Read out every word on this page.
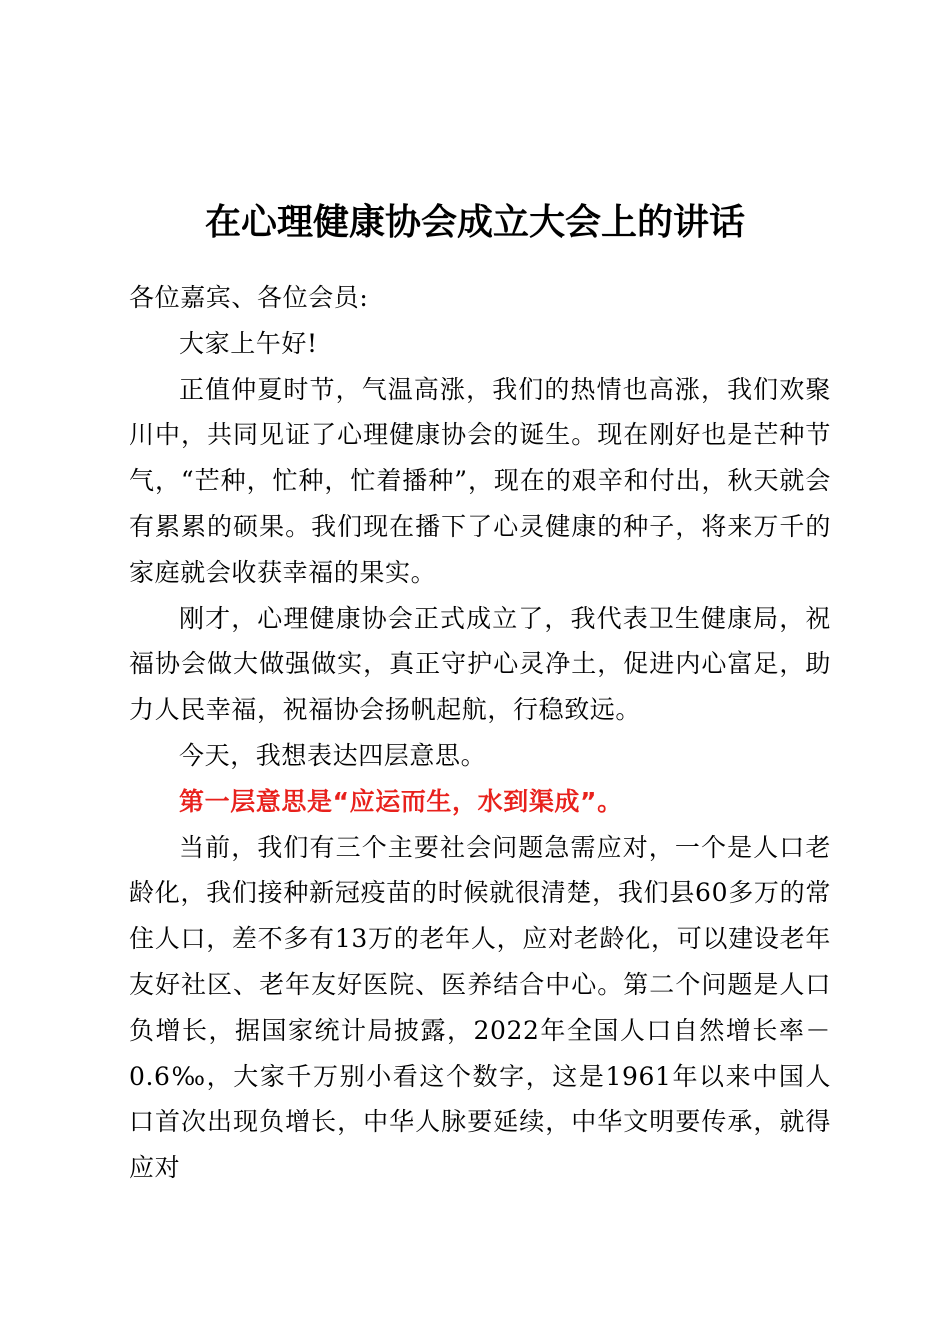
在心理健康协会成立大会上的讲话

各位嘉宾、各位会员:

大家上午好!

正值仲夏时节，气温高涨，我们的热情也高涨，我们欢聚川中，共同见证了心理健康协会的诞生。现在刚好也是芒种节气，“芒种，忙种，忙着播种”，现在的艰辛和付出，秋天就会有累累的硕果。我们现在播下了心灵健康的种子，将来万千的家庭就会收获幸福的果实。

刚才，心理健康协会正式成立了，我代表卫生健康局，祝福协会做大做强做实，真正守护心灵净土，促进内心富足，助力人民幸福，祝福协会扬帆起航，行稳致远。

今天，我想表达四层意思。

第一层意思是“应运而生，水到渠成”。

当前，我们有三个主要社会问题急需应对，一个是人口老龄化，我们接种新冠疫苗的时候就很清楚，我们县60多万的常住人口，差不多有13万的老年人，应对老龄化，可以建设老年友好社区、老年友好医院、医养结合中心。第二个问题是人口负增长，据国家统计局披露，2022年全国人口自然增长率－0.6‰，大家千万别小看这个数字，这是1961年以来中国人口首次出现负增长，中华人脉要延续，中华文明要传承，就得应对
